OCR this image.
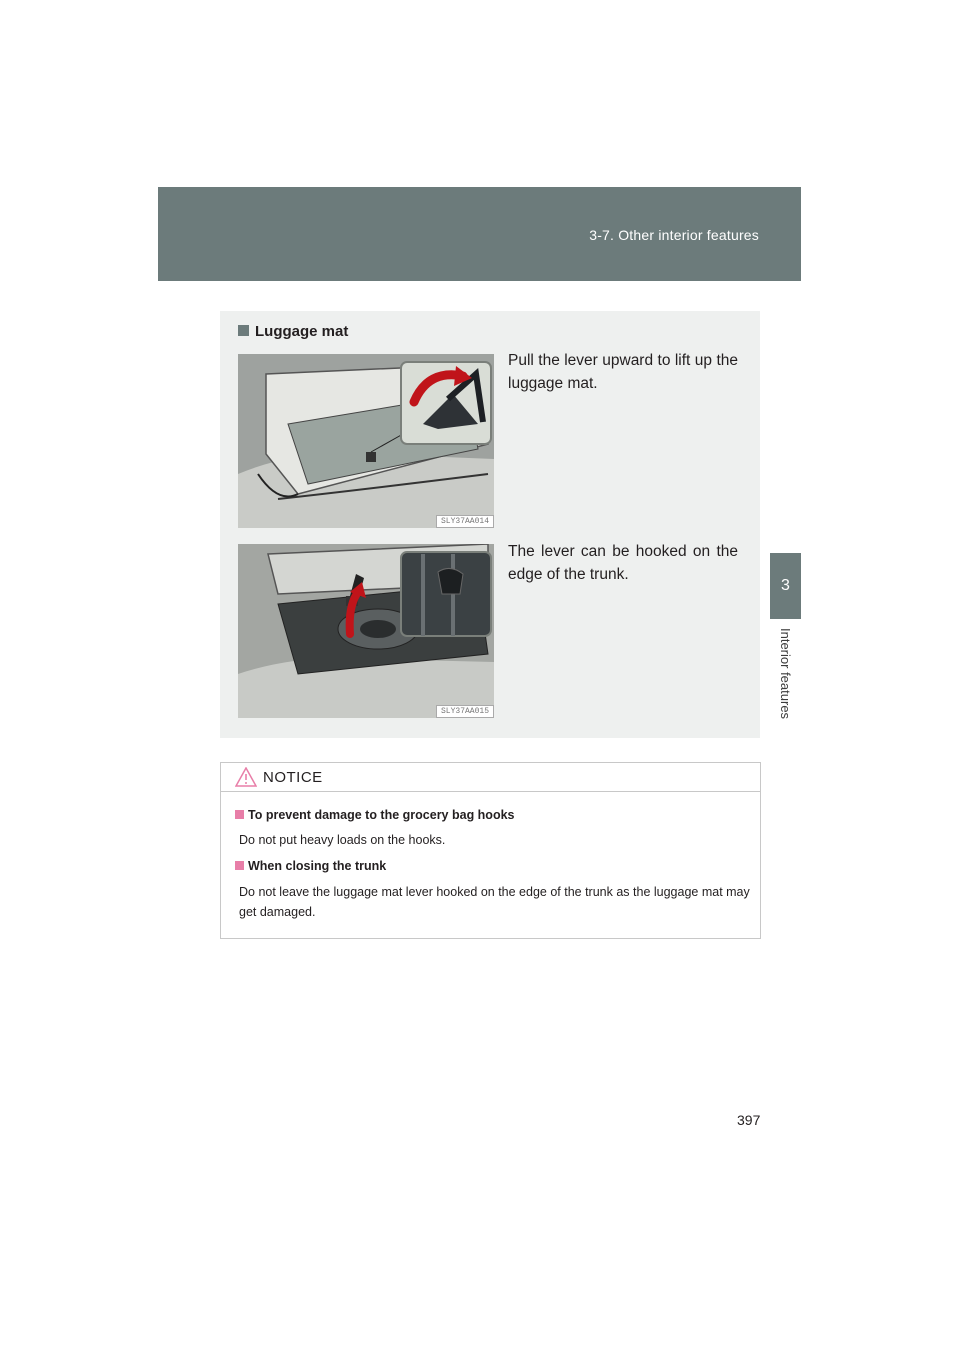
3-7. Other interior features
3
Interior features
Luggage mat
SLY37AA014
Pull the lever upward to lift up the luggage mat.
SLY37AA015
The lever can be hooked on the edge of the trunk.
NOTICE
To prevent damage to the grocery bag hooks
Do not put heavy loads on the hooks.
When closing the trunk
Do not leave the luggage mat lever hooked on the edge of the trunk as the luggage mat may get damaged.
397
